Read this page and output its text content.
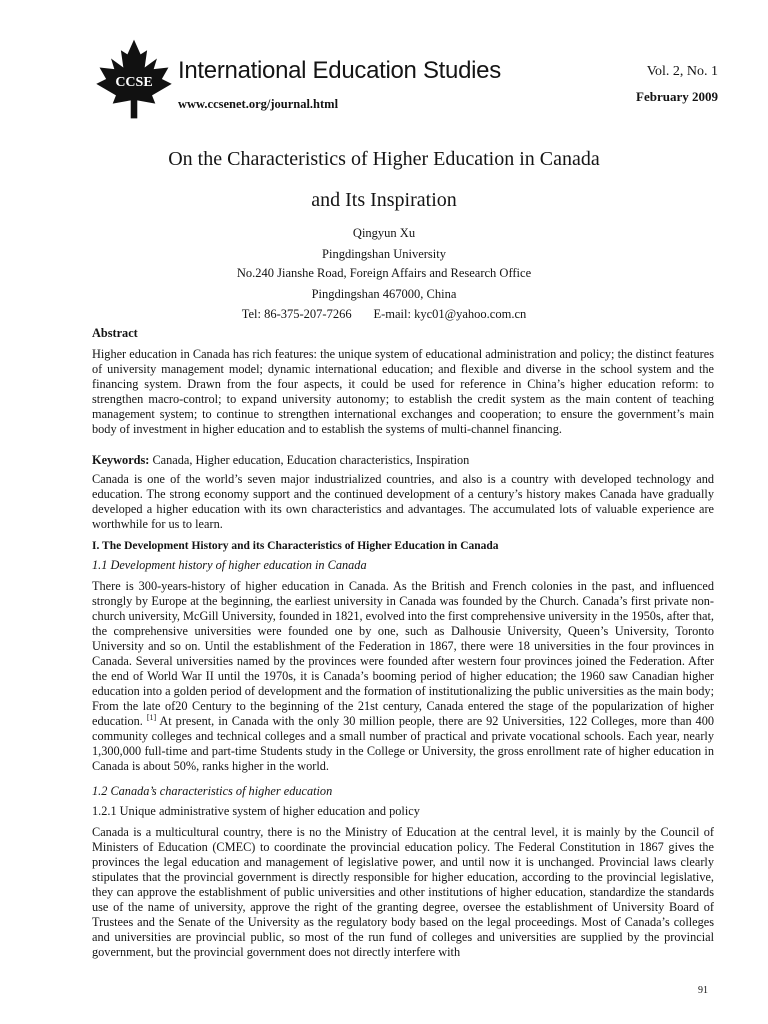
CCSE	International Education Studies
www.ccsenet.org/journal.html
Vol. 2, No. 1
February 2009
On the Characteristics of Higher Education in Canada
and Its Inspiration
Qingyun Xu
Pingdingshan University
No.240 Jianshe Road, Foreign Affairs and Research Office
Pingdingshan 467000, China
Tel: 86-375-207-7266       E-mail: kyc01@yahoo.com.cn
Abstract
Higher education in Canada has rich features: the unique system of educational administration and policy; the distinct features of university management model; dynamic international education; and flexible and diverse in the school system and the financing system. Drawn from the four aspects, it could be used for reference in China’s higher education reform: to strengthen macro-control; to expand university autonomy; to establish the credit system as the main content of teaching management system; to continue to strengthen international exchanges and cooperation; to ensure the government’s main body of investment in higher education and to establish the systems of multi-channel financing.
Keywords: Canada, Higher education, Education characteristics, Inspiration
Canada is one of the world’s seven major industrialized countries, and also is a country with developed technology and education. The strong economy support and the continued development of a century’s history makes Canada have gradually developed a higher education with its own characteristics and advantages. The accumulated lots of valuable experience are worthwhile for us to learn.
I. The Development History and its Characteristics of Higher Education in Canada
1.1 Development history of higher education in Canada
There is 300-years-history of higher education in Canada. As the British and French colonies in the past, and influenced strongly by Europe at the beginning, the earliest university in Canada was founded by the Church. Canada’s first private non-church university, McGill University, founded in 1821, evolved into the first comprehensive university in the 1950s, after that, the comprehensive universities were founded one by one, such as Dalhousie University, Queen’s University, Toronto University and so on. Until the establishment of the Federation in 1867, there were 18 universities in the four provinces in Canada. Several universities named by the provinces were founded after western four provinces joined the Federation. After the end of World War II until the 1970s, it is Canada’s booming period of higher education; the 1960 saw Canadian higher education into a golden period of development and the formation of institutionalizing the public universities as the main body; From the late of20 Century to the beginning of the 21st century, Canada entered the stage of the popularization of higher education. [1] At present, in Canada with the only 30 million people, there are 92 Universities, 122 Colleges, more than 400 community colleges and technical colleges and a small number of practical and private vocational schools. Each year, nearly 1,300,000 full-time and part-time Students study in the College or University, the gross enrollment rate of higher education in Canada is about 50%, ranks higher in the world.
1.2 Canada’s characteristics of higher education
1.2.1 Unique administrative system of higher education and policy
Canada is a multicultural country, there is no the Ministry of Education at the central level, it is mainly by the Council of Ministers of Education (CMEC) to coordinate the provincial education policy. The Federal Constitution in 1867 gives the provinces the legal education and management of legislative power, and until now it is unchanged. Provincial laws clearly stipulates that the provincial government is directly responsible for higher education, according to the provincial legislative, they can approve the establishment of public universities and other institutions of higher education, standardize the standards use of the name of university, approve the right of the granting degree, oversee the establishment of University Board of Trustees and the Senate of the University as the regulatory body based on the legal proceedings. Most of Canada’s colleges and universities are provincial public, so most of the run fund of colleges and universities are supplied by the provincial government, but the provincial government does not directly interfere with
91
